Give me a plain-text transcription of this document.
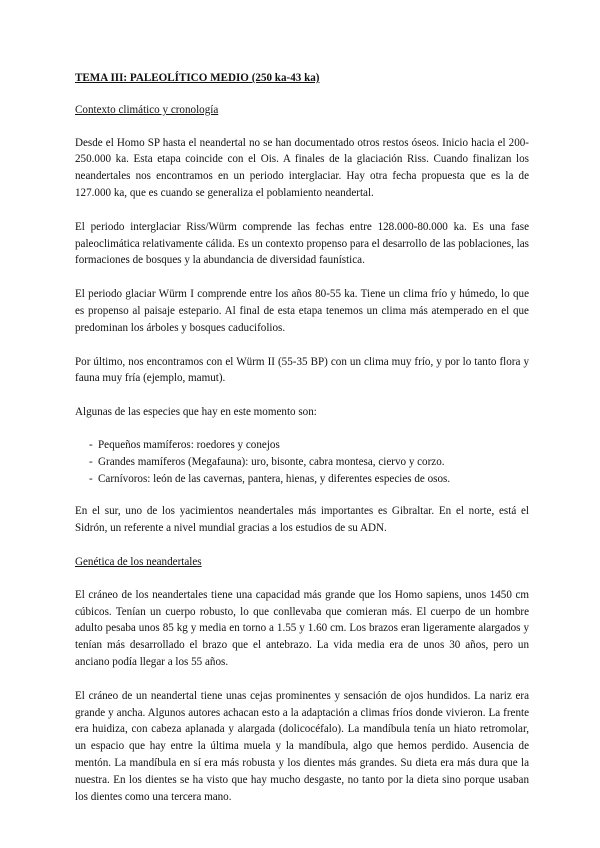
TEMA III: PALEOLÍTICO MEDIO (250 ka-43 ka)
Contexto climático y cronología

Desde el Homo SP hasta el neandertal no se han documentado otros restos óseos. Inicio hacia el 200-250.000 ka. Esta etapa coincide con el Ois. A finales de la glaciación Riss. Cuando finalizan los neandertales nos encontramos en un periodo interglaciar. Hay otra fecha propuesta que es la de 127.000 ka, que es cuando se generaliza el poblamiento neandertal.

El periodo interglaciar Riss/Würm comprende las fechas entre 128.000-80.000 ka. Es una fase paleoclimática relativamente cálida. Es un contexto propenso para el desarrollo de las poblaciones, las formaciones de bosques y la abundancia de diversidad faunística.

El periodo glaciar Würm I comprende entre los años 80-55 ka. Tiene un clima frío y húmedo, lo que es propenso al paisaje estepario. Al final de esta etapa tenemos un clima más atemperado en el que predominan los árboles y bosques caducifolios.

Por último, nos encontramos con el Würm II (55-35 BP) con un clima muy frío, y por lo tanto flora y fauna muy fría (ejemplo, mamut).

Algunas de las especies que hay en este momento son:

- Pequeños mamíferos: roedores y conejos
- Grandes mamíferos (Megafauna): uro, bisonte, cabra montesa, ciervo y corzo.
- Carnívoros: león de las cavernas, pantera, hienas, y diferentes especies de osos.

En el sur, uno de los yacimientos neandertales más importantes es Gibraltar. En el norte, está el Sidrón, un referente a nivel mundial gracias a los estudios de su ADN.

Genética de los neandertales

El cráneo de los neandertales tiene una capacidad más grande que los Homo sapiens, unos 1450 cm cúbicos. Tenían un cuerpo robusto, lo que conllevaba que comieran más. El cuerpo de un hombre adulto pesaba unos 85 kg y media en torno a 1.55 y 1.60 cm. Los brazos eran ligeramente alargados y tenían más desarrollado el brazo que el antebrazo. La vida media era de unos 30 años, pero un anciano podía llegar a los 55 años.

El cráneo de un neandertal tiene unas cejas prominentes y sensación de ojos hundidos. La nariz era grande y ancha. Algunos autores achacan esto a la adaptación a climas fríos donde vivieron. La frente era huidiza, con cabeza aplanada y alargada (dolicocéfalo). La mandíbula tenía un hiato retromolar, un espacio que hay entre la última muela y la mandíbula, algo que hemos perdido. Ausencia de mentón. La mandíbula en sí era más robusta y los dientes más grandes. Su dieta era más dura que la nuestra. En los dientes se ha visto que hay mucho desgaste, no tanto por la dieta sino porque usaban los dientes como una tercera mano.
